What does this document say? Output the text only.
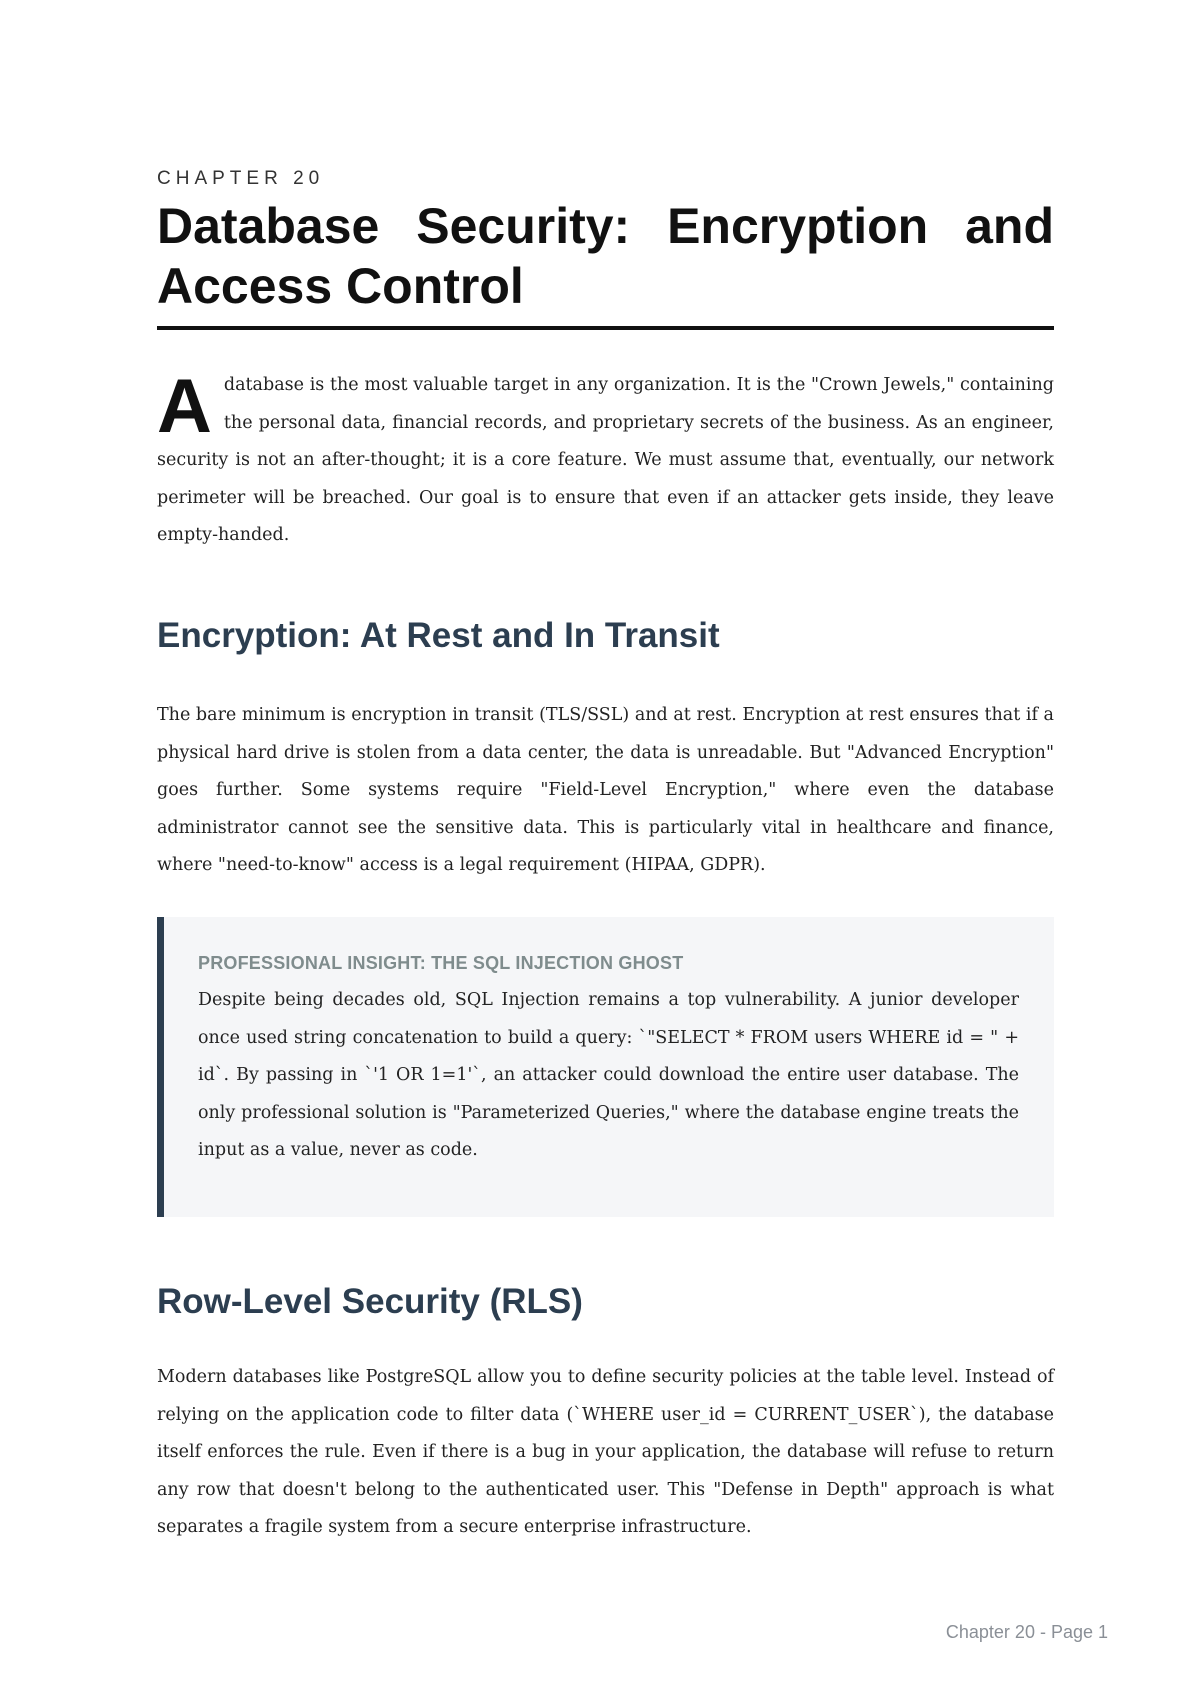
CHAPTER 20
Database Security: Encryption and Access Control
A database is the most valuable target in any organization. It is the "Crown Jewels," containing the personal data, financial records, and proprietary secrets of the business. As an engineer, security is not an after-thought; it is a core feature. We must assume that, eventually, our network perimeter will be breached. Our goal is to ensure that even if an attacker gets inside, they leave empty-handed.

Encryption: At Rest and In Transit

The bare minimum is encryption in transit (TLS/SSL) and at rest. Encryption at rest ensures that if a physical hard drive is stolen from a data center, the data is unreadable. But "Advanced Encryption" goes further. Some systems require "Field-Level Encryption," where even the database administrator cannot see the sensitive data. This is particularly vital in healthcare and finance, where "need-to-know" access is a legal requirement (HIPAA, GDPR).

PROFESSIONAL INSIGHT: THE SQL INJECTION GHOST

Despite being decades old, SQL Injection remains a top vulnerability. A junior developer once used string concatenation to build a query: `"SELECT * FROM users WHERE id = " + id`. By passing in `'1 OR 1=1'`, an attacker could download the entire user database. The only professional solution is "Parameterized Queries," where the database engine treats the input as a value, never as code.

Row-Level Security (RLS)

Modern databases like PostgreSQL allow you to define security policies at the table level. Instead of relying on the application code to filter data (`WHERE user_id = CURRENT_USER`), the database itself enforces the rule. Even if there is a bug in your application, the database will refuse to return any row that doesn't belong to the authenticated user. This "Defense in Depth" approach is what separates a fragile system from a secure enterprise infrastructure.

Chapter 20 - Page 1
